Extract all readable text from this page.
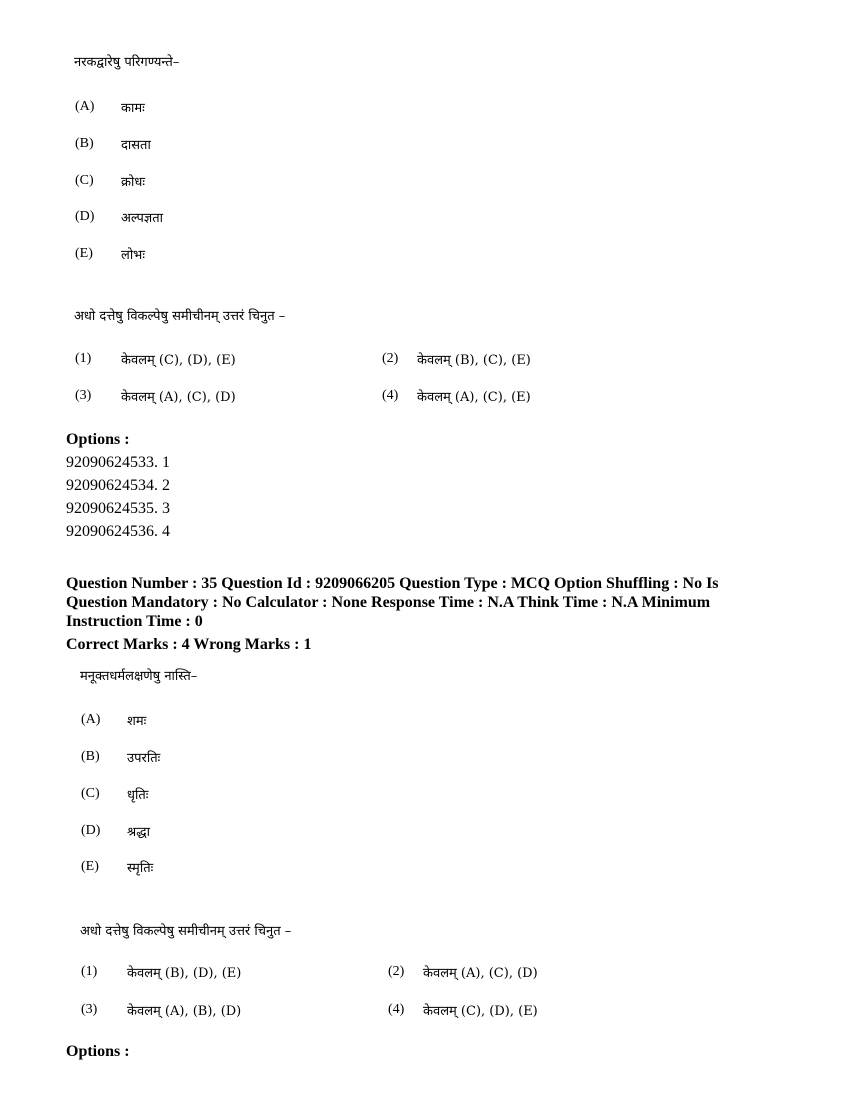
नरकद्वारेषु परिगण्यन्ते–
(A) कामः
(B) दासता
(C) क्रोधः
(D) अल्पज्ञता
(E) लोभः
अधो दत्तेषु विकल्पेषु समीचीनम् उत्तरं चिनुत –
(1) केवलम् (C), (D), (E)	(2) केवलम् (B), (C), (E)
(3) केवलम् (A), (C), (D)	(4) केवलम् (A), (C), (E)
Options :
92090624533. 1
92090624534. 2
92090624535. 3
92090624536. 4
Question Number : 35 Question Id : 9209066205 Question Type : MCQ Option Shuffling : No Is
Question Mandatory : No Calculator : None Response Time : N.A Think Time : N.A Minimum
Instruction Time : 0
Correct Marks : 4 Wrong Marks : 1
मनूक्तधर्मलक्षणेषु नास्ति–
(A) शमः
(B) उपरतिः
(C) धृतिः
(D) श्रद्धा
(E) स्मृतिः
अधो दत्तेषु विकल्पेषु समीचीनम् उत्तरं चिनुत –
(1) केवलम् (B), (D), (E)	(2) केवलम् (A), (C), (D)
(3) केवलम् (A), (B), (D)	(4) केवलम् (C), (D), (E)
Options :
